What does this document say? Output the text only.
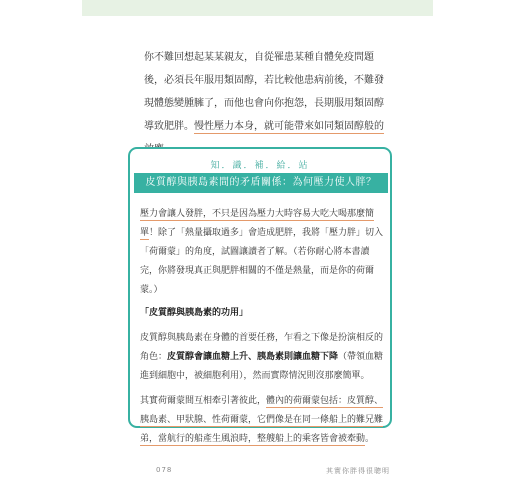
你不難回想起某某親友，自從罹患某種自體免疫問題後，必須長年服用類固醇，若比較他患病前後，不難發現體態變腫臃了，而他也會向你抱怨，長期服用類固醇導致肥胖。慢性壓力本身，就可能帶來如同類固醇般的

知．識．補．給．站
皮質醇與胰島素間的矛盾關係：為何壓力使人胖？

壓力會讓人發胖，不只是因為壓力大時容易大吃大喝那麼簡單！除了「熱量攝取過多」會造成肥胖，我將「壓力胖」切入「荷爾蒙」的角度，試圖讓讀者了解。（若你耐心將本書讀完，你將發現真正與肥胖相關的不僅是熱量，而是你的荷爾蒙。）

「皮質醇與胰島素的功用」

皮質醇與胰島素在身體的首要任務，乍看之下像是扮演相反的角色：皮質醇會讓血糖上升、胰島素則讓血糖下降（帶領血糖進到細胞中，被細胞利用），然而實際情況則沒那麼簡單。

其實荷爾蒙間互相牽引著彼此，體內的荷爾蒙包括：皮質醇、胰島素、甲狀腺、性荷爾蒙，它們像是在同一條船上的難兄難弟，當航行的船產生風浪時，整艘船上的乘客皆會被牽動。

078	其實你胖得很聰明
